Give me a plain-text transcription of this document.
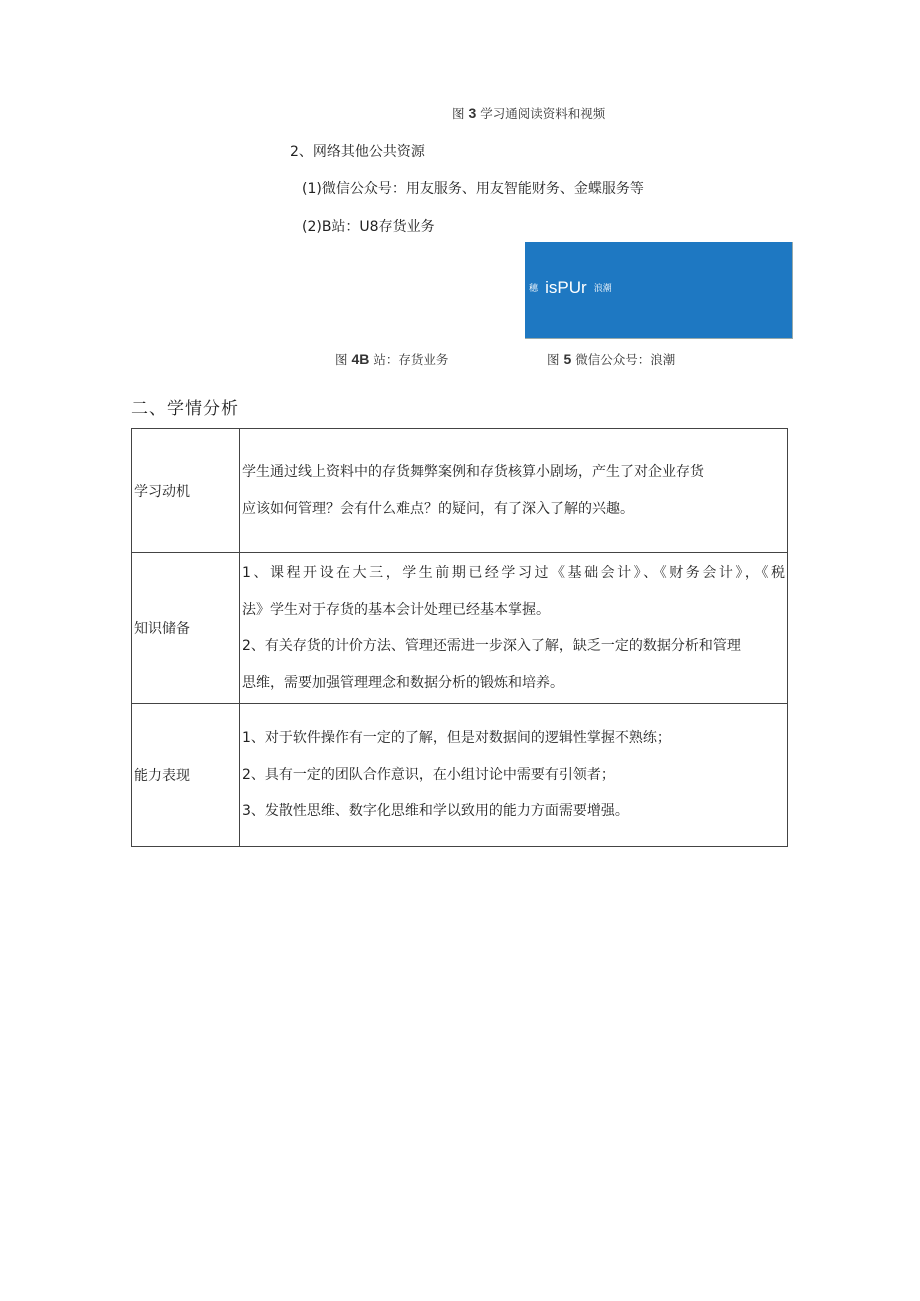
图 3 学习通阅读资料和视频
2、网络其他公共资源
(1)微信公众号：用友服务、用友智能财务、金蝶服务等
(2)B站：U8存货业务
穗 isPUr 浪潮
图 4B 站：存货业务	图 5 微信公众号：浪潮
二、学情分析
学习动机	学生通过线上资料中的存货舞弊案例和存货核算小剧场，产生了对企业存货
应该如何管理？会有什么难点？的疑问，有了深入了解的兴趣。

知识储备	1、课程开设在大三，学生前期已经学习过《基础会计》、《财务会计》，《税
法》学生对于存货的基本会计处理已经基本掌握。
2、有关存货的计价方法、管理还需进一步深入了解，缺乏一定的数据分析和管理
思维，需要加强管理理念和数据分析的锻炼和培养。

能力表现	1、对于软件操作有一定的了解，但是对数据间的逻辑性掌握不熟练；
2、具有一定的团队合作意识，在小组讨论中需要有引领者；
3、发散性思维、数字化思维和学以致用的能力方面需要增强。
